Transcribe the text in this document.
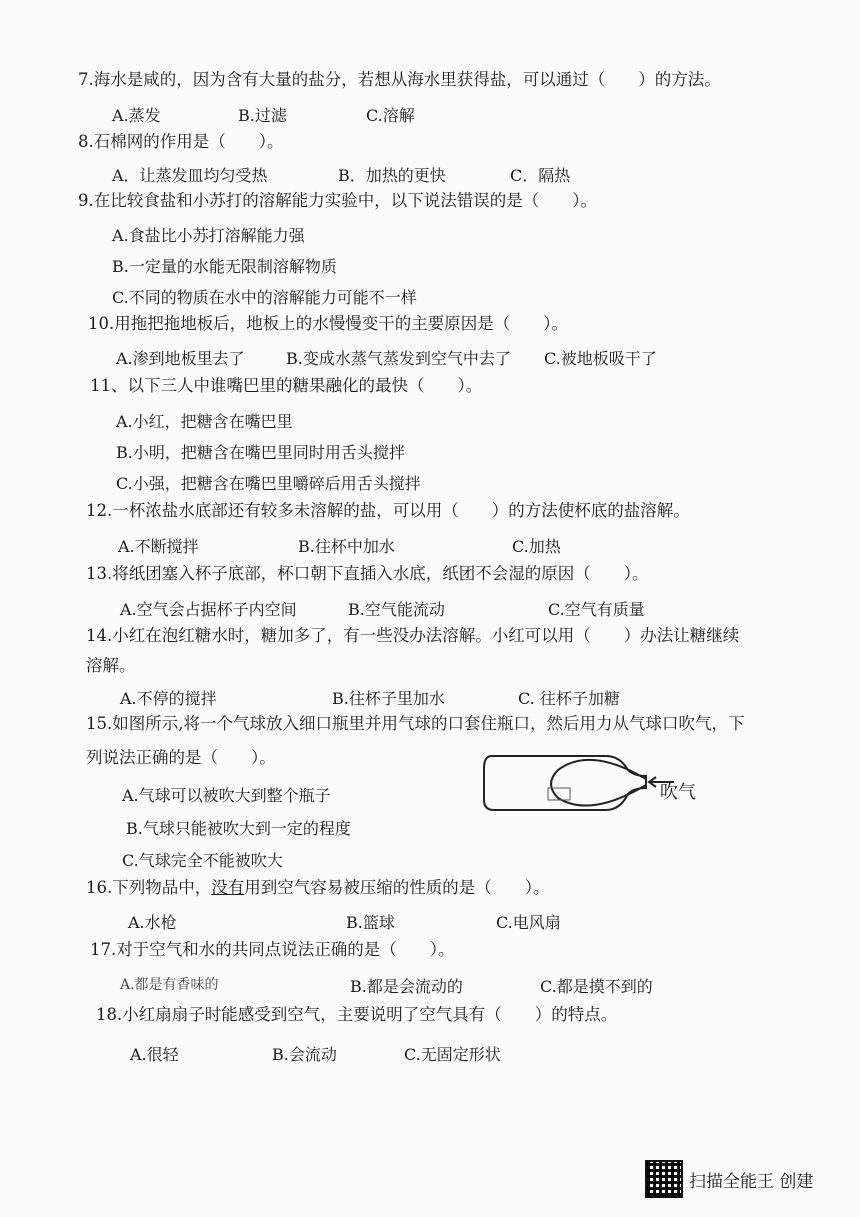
7.海水是咸的，因为含有大量的盐分，若想从海水里获得盐，可以通过（　　）的方法。
A.蒸发	B.过滤	C.溶解
8.石棉网的作用是（　　）。
A．让蒸发皿均匀受热	B．加热的更快	C．隔热
9.在比较食盐和小苏打的溶解能力实验中，以下说法错误的是（　　）。
A.食盐比小苏打溶解能力强
B.一定量的水能无限制溶解物质
C.不同的物质在水中的溶解能力可能不一样
10.用拖把拖地板后，地板上的水慢慢变干的主要原因是（　　）。
A.渗到地板里去了	B.变成水蒸气蒸发到空气中去了 C.被地板吸干了
11、以下三人中谁嘴巴里的糖果融化的最快（　　）。
A.小红，把糖含在嘴巴里
B.小明，把糖含在嘴巴里同时用舌头搅拌
C.小强，把糖含在嘴巴里嚼碎后用舌头搅拌
12.一杯浓盐水底部还有较多未溶解的盐，可以用（　　）的方法使杯底的盐溶解。
A.不断搅拌	B.往杯中加水	C.加热
13.将纸团塞入杯子底部，杯口朝下直插入水底，纸团不会湿的原因（　　）。
A.空气会占据杯子内空间	B.空气能流动	C.空气有质量
14.小红在泡红糖水时，糖加多了，有一些没办法溶解。小红可以用（　　）办法让糖继续
溶解。
A.不停的搅拌	B.往杯子里加水	C. 往杯子加糖
15.如图所示,将一个气球放入细口瓶里并用气球的口套住瓶口，然后用力从气球口吹气，下
列说法正确的是（　　）。
A.气球可以被吹大到整个瓶子
B.气球只能被吹大到一定的程度
C.气球完全不能被吹大
吹气
16.下列物品中，没有用到空气容易被压缩的性质的是（　　）。
A.水枪	B.篮球	C.电风扇
17.对于空气和水的共同点说法正确的是（　　）。
A.都是有香味的	B.都是会流动的	C.都是摸不到的
18.小红扇扇子时能感受到空气，主要说明了空气具有（　　）的特点。
A.很轻	B.会流动	C.无固定形状
扫描全能王 创建
